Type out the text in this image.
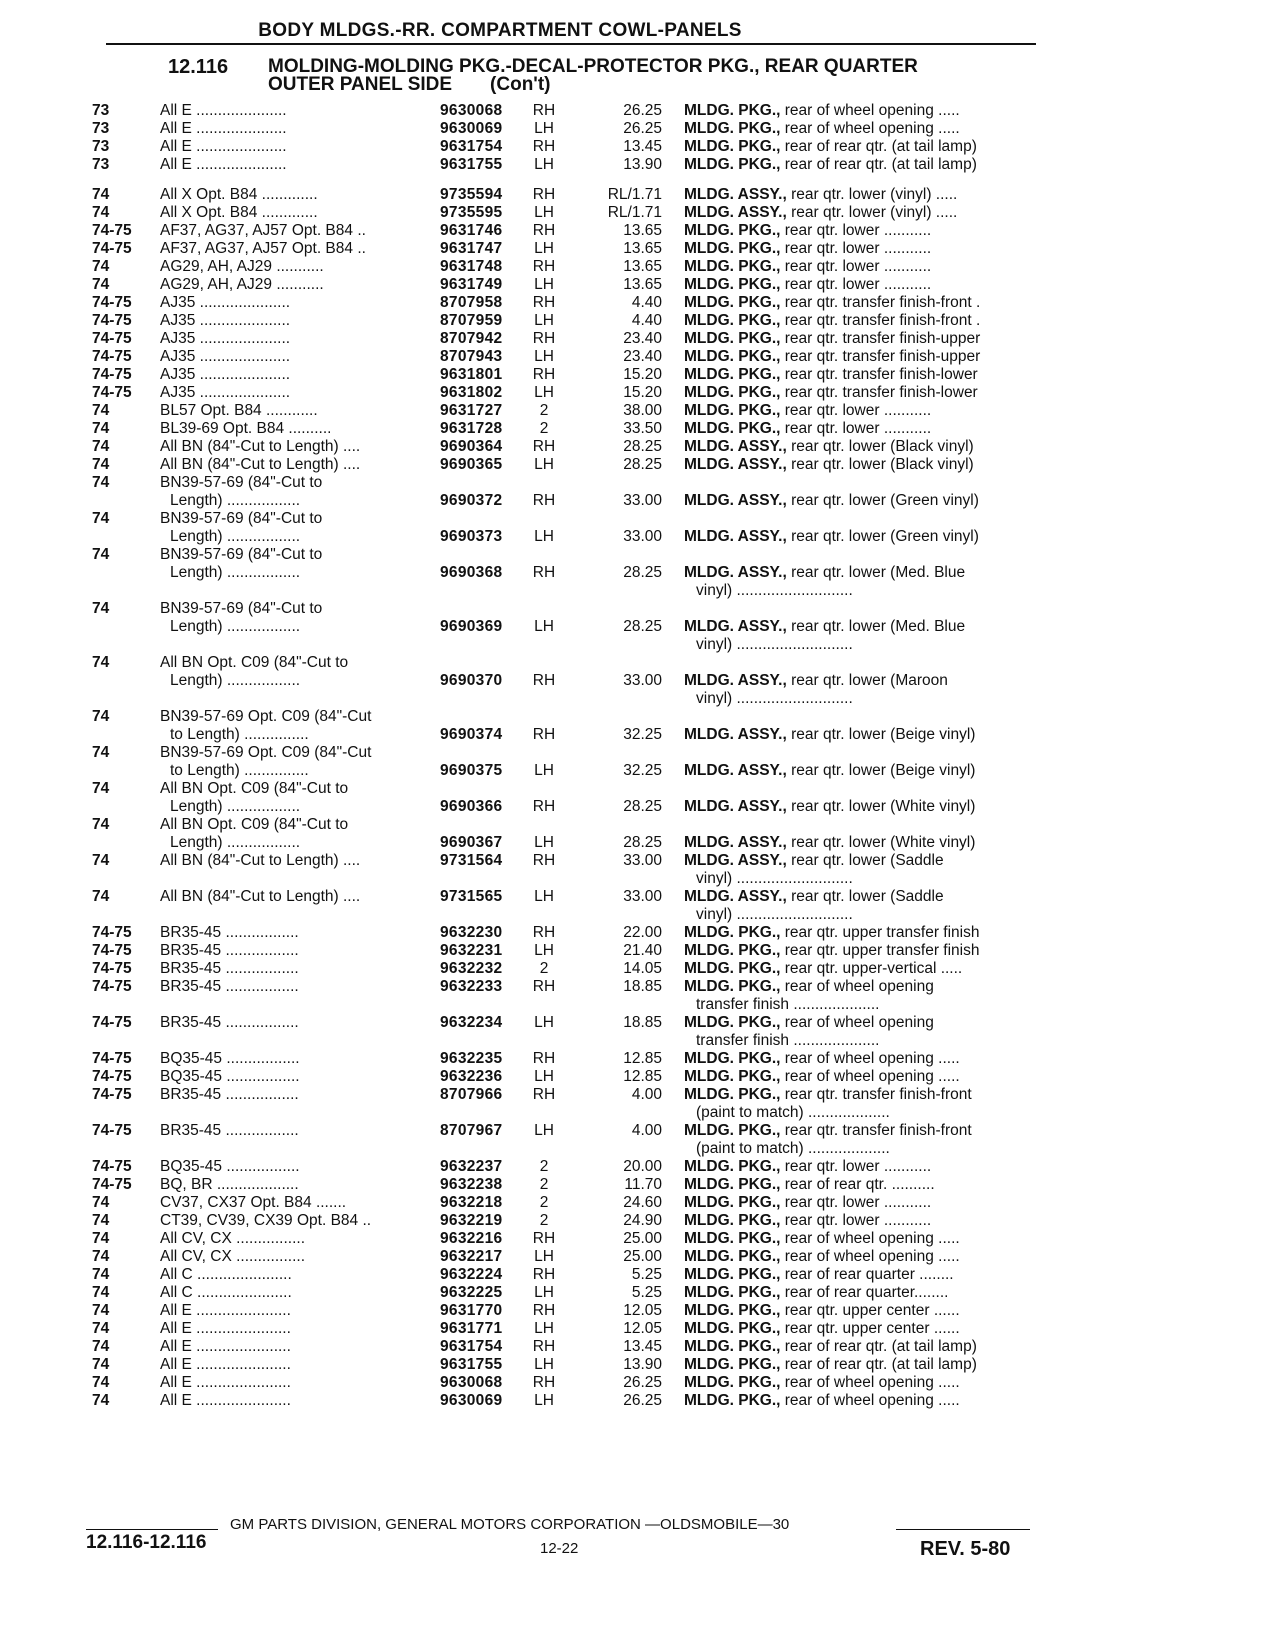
BODY MLDGS.-RR. COMPARTMENT COWL-PANELS
12.116 MOLDING-MOLDING PKG.-DECAL-PROTECTOR PKG., REAR QUARTER
OUTER PANEL SIDE (Con't)
73	All E .....................	9630068 RH	26.25 MLDG. PKG., rear of wheel opening .....
73	All E .....................	9630069 LH	26.25 MLDG. PKG., rear of wheel opening .....
73	All E .....................	9631754 RH	13.45 MLDG. PKG., rear of rear qtr. (at tail lamp)
73	All E .....................	9631755 LH	13.90 MLDG. PKG., rear of rear qtr. (at tail lamp)
74	All X Opt. B84 .............	9735594 RH	RL/1.71 MLDG. ASSY., rear qtr. lower (vinyl) .....
74	All X Opt. B84 .............	9735595 LH	RL/1.71 MLDG. ASSY., rear qtr. lower (vinyl) .....
74-75	AF37, AG37, AJ57 Opt. B84 ..	9631746 RH	13.65 MLDG. PKG., rear qtr. lower ...........
74-75	AF37, AG37, AJ57 Opt. B84 ..	9631747 LH	13.65 MLDG. PKG., rear qtr. lower ...........
74	AG29, AH, AJ29 ...........	9631748 RH	13.65 MLDG. PKG., rear qtr. lower ...........
74	AG29, AH, AJ29 ...........	9631749 LH	13.65 MLDG. PKG., rear qtr. lower ...........
74-75	AJ35 .....................	8707958 RH	4.40 MLDG. PKG., rear qtr. transfer finish-front .
74-75	AJ35 .....................	8707959 LH	4.40 MLDG. PKG., rear qtr. transfer finish-front .
74-75	AJ35 .....................	8707942 RH	23.40 MLDG. PKG., rear qtr. transfer finish-upper
74-75	AJ35 .....................	8707943 LH	23.40 MLDG. PKG., rear qtr. transfer finish-upper
74-75	AJ35 .....................	9631801 RH	15.20 MLDG. PKG., rear qtr. transfer finish-lower
74-75	AJ35 .....................	9631802 LH	15.20 MLDG. PKG., rear qtr. transfer finish-lower
74	BL57 Opt. B84 ............	9631727	2	38.00 MLDG. PKG., rear qtr. lower ...........
74	BL39-69 Opt. B84 ..........	9631728	2	33.50 MLDG. PKG., rear qtr. lower ...........
74	All BN (84"-Cut to Length) ....	9690364 RH	28.25 MLDG. ASSY., rear qtr. lower (Black vinyl)
74	All BN (84"-Cut to Length) ....	9690365 LH	28.25 MLDG. ASSY., rear qtr. lower (Black vinyl)
74	BN39-57-69 (84"-Cut to
Length) .................	9690372 RH	33.00 MLDG. ASSY., rear qtr. lower (Green vinyl)
74	BN39-57-69 (84"-Cut to
Length) .................	9690373 LH	33.00 MLDG. ASSY., rear qtr. lower (Green vinyl)
74	BN39-57-69 (84"-Cut to
Length) .................	9690368 RH	28.25 MLDG. ASSY., rear qtr. lower (Med. Blue
vinyl) ...........................
74	BN39-57-69 (84"-Cut to
Length) .................	9690369 LH	28.25 MLDG. ASSY., rear qtr. lower (Med. Blue
vinyl) ...........................
74	All BN Opt. C09 (84"-Cut to
Length) .................	9690370 RH	33.00 MLDG. ASSY., rear qtr. lower (Maroon
vinyl) ...........................
74	BN39-57-69 Opt. C09 (84"-Cut
to Length) ...............	9690374 RH	32.25 MLDG. ASSY., rear qtr. lower (Beige vinyl)
74	BN39-57-69 Opt. C09 (84"-Cut
to Length) ...............	9690375 LH	32.25 MLDG. ASSY., rear qtr. lower (Beige vinyl)
74	All BN Opt. C09 (84"-Cut to
Length) .................	9690366 RH	28.25 MLDG. ASSY., rear qtr. lower (White vinyl)
74	All BN Opt. C09 (84"-Cut to
Length) .................	9690367 LH	28.25 MLDG. ASSY., rear qtr. lower (White vinyl)
74	All BN (84"-Cut to Length) ....	9731564 RH	33.00 MLDG. ASSY., rear qtr. lower (Saddle
vinyl) ...........................
74	All BN (84"-Cut to Length) ....	9731565 LH	33.00 MLDG. ASSY., rear qtr. lower (Saddle
vinyl) ...........................
74-75	BR35-45 .................	9632230 RH	22.00 MLDG. PKG., rear qtr. upper transfer finish
74-75	BR35-45 .................	9632231 LH	21.40 MLDG. PKG., rear qtr. upper transfer finish
74-75	BR35-45 .................	9632232	2	14.05 MLDG. PKG., rear qtr. upper-vertical .....
74-75	BR35-45 .................	9632233 RH	18.85 MLDG. PKG., rear of wheel opening
transfer finish ....................
74-75	BR35-45 .................	9632234 LH	18.85 MLDG. PKG., rear of wheel opening
transfer finish ....................
74-75	BQ35-45 .................	9632235 RH	12.85 MLDG. PKG., rear of wheel opening .....
74-75	BQ35-45 .................	9632236 LH	12.85 MLDG. PKG., rear of wheel opening .....
74-75	BR35-45 .................	8707966 RH	4.00 MLDG. PKG., rear qtr. transfer finish-front
(paint to match) ...................
74-75	BR35-45 .................	8707967 LH	4.00 MLDG. PKG., rear qtr. transfer finish-front
(paint to match) ...................
74-75	BQ35-45 .................	9632237	2	20.00 MLDG. PKG., rear qtr. lower ...........
74-75	BQ, BR ...................	9632238	2	11.70 MLDG. PKG., rear of rear qtr. ..........
74	CV37, CX37 Opt. B84 .......	9632218	2	24.60 MLDG. PKG., rear qtr. lower ...........
74	CT39, CV39, CX39 Opt. B84 ..	9632219	2	24.90 MLDG. PKG., rear qtr. lower ...........
74	All CV, CX ................	9632216 RH	25.00 MLDG. PKG., rear of wheel opening .....
74	All CV, CX ................	9632217 LH	25.00 MLDG. PKG., rear of wheel opening .....
74	All C ......................	9632224 RH	5.25 MLDG. PKG., rear of rear quarter ........
74	All C ......................	9632225 LH	5.25 MLDG. PKG., rear of rear quarter........
74	All E ......................	9631770 RH	12.05 MLDG. PKG., rear qtr. upper center ......
74	All E ......................	9631771 LH	12.05 MLDG. PKG., rear qtr. upper center ......
74	All E ......................	9631754 RH	13.45 MLDG. PKG., rear of rear qtr. (at tail lamp)
74	All E ......................	9631755 LH	13.90 MLDG. PKG., rear of rear qtr. (at tail lamp)
74	All E ......................	9630068 RH	26.25 MLDG. PKG., rear of wheel opening .....
74	All E ......................	9630069 LH	26.25 MLDG. PKG., rear of wheel opening .....
GM PARTS DIVISION, GENERAL MOTORS CORPORATION —OLDSMOBILE—30
12.116-12.116	12-22	REV. 5-80
